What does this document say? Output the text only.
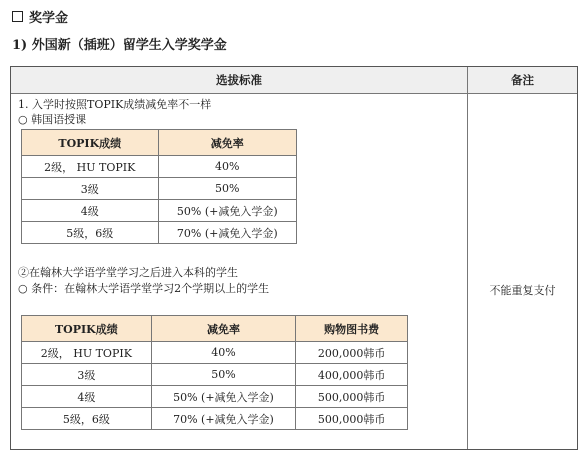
奖学金
1) 外国新（插班）留学生入学奖学金
选拔标准	备注
1. 入学时按照TOPIK成绩减免率不一样
○ 韩国语授课
TOPIK成绩	减免率
2级， HU TOPIK	40%
3级	50%
4级	50% (+减免入学金)
5级，6级	70% (+减免入学金)
②在翰林大学语学堂学习之后进入本科的学生
○ 条件：在翰林大学语学堂学习2个学期以上的学生
TOPIK成绩	减免率	购物图书费
2级， HU TOPIK	40%	200,000韩币
3级	50%	400,000韩币
4级	50% (+减免入学金)	500,000韩币
5级，6级	70% (+减免入学金)	500,000韩币
不能重复支付
